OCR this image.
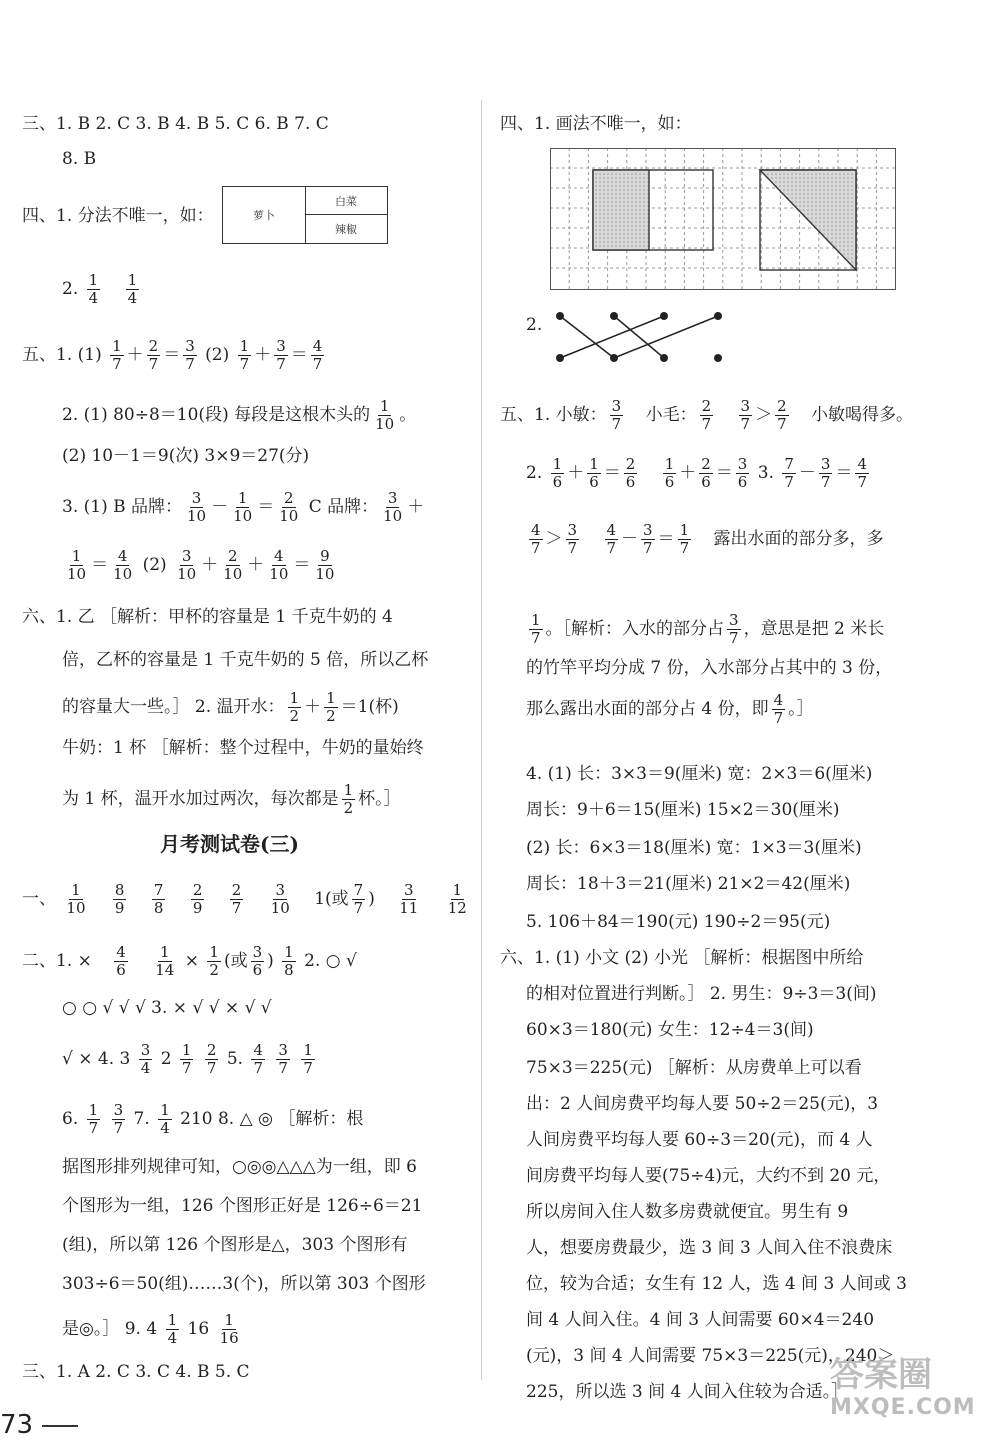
三、1. B 2. C 3. B 4. B 5. C 6. B 7. C
8. B
四、1. 分法不唯一，如：	萝卜
白菜
辣椒
2. $\frac{1}{4}$
$\frac{1}{4}$
五、1. $(1) \frac{1}{7} + \frac{2}{7} = \frac{3}{7} (2) \frac{1}{7} + \frac{3}{7} = \frac{4}{7}$
2. (1) 80÷8＝10(段) 每段是这根木头的 $\frac{1}{10}$ 。
(2) 10－1＝9(次) 3×9＝27(分)
3. (1) B 品牌： $\frac{3}{10} - \frac{1}{10} = \frac{2}{10}$ C 品牌： $\frac{3}{10}$ ＋
$\frac{1}{10} = \frac{4}{10} (2) \frac{3}{10} + \frac{2}{10} + \frac{4}{10} = \frac{9}{10}$
六、1. 乙 ［解析：甲杯的容量是 1 千克牛奶的 4
倍，乙杯的容量是 1 千克牛奶的 5 倍，所以乙杯
的容量大一些。］ 2. 温开水： $\frac{1}{2} + \frac{1}{2} =1$(杯)
牛奶：1 杯 ［解析：整个过程中，牛奶的量始终
为 1 杯，温开水加过两次，每次都是 $\frac{1}{2}$ 杯。］
月考测试卷(三)
一、 $\frac{1}{10}$
$\frac{8}{9}$
$\frac{7}{8}$
$\frac{2}{9}$
$\frac{2}{7}$
$\frac{3}{10} 1$(或 $\frac{7}{7}$ ) $\frac{3}{11}$
$\frac{1}{12}$
二、1. × $\frac{4}{6}$
$\frac{1}{14} \times \frac{1}{2}$ (或 $\frac{3}{6}$ ) $\frac{1}{8} 2$. ○ √
○ ○ √ √ √ 3. × √ √ × √ √
√ × 4. $3 \frac{3}{4} 2 \frac{1}{7}$
$\frac{2}{7} 5$. $\frac{4}{7}$
$\frac{3}{7}$
$\frac{1}{7}$
6. $\frac{1}{7}$
$\frac{3}{7} 7$. $\frac{1}{4} 210$ 8. △ ◎ ［解析：根
据图形排列规律可知，○◎◎△△△为一组，即 6
个图形为一组，126 个图形正好是 126÷6＝21
(组)，所以第 126 个图形是△，303 个图形有
303÷6＝50(组)……3(个)，所以第 303 个图形
是◎。］ 9. $4 \frac{1}{4} 16 \frac{1}{16}$
三、1. A 2. C 3. C 4. B 5. C
四、1. 画法不唯一，如：
2.
五、1. 小敏： $\frac{3}{7}$ 小毛： $\frac{2}{7}$
$\frac{3}{7} > \frac{2}{7}$ 小敏喝得多。
2. $\frac{1}{6} + \frac{1}{6} = \frac{2}{6}$
$\frac{1}{6} + \frac{2}{6} = \frac{3}{6} 3$. $\frac{7}{7} - \frac{3}{7} = \frac{4}{7}$
$\frac{4}{7} > \frac{3}{7}$
$\frac{4}{7} - \frac{3}{7} = \frac{1}{7}$ 露出水面的部分多，多
$\frac{1}{7}$ 。［解析：入水的部分占 $\frac{3}{7}$ ，意思是把 2 米长
的竹竿平均分成 7 份，入水部分占其中的 3 份，
那么露出水面的部分占 4 份，即 $\frac{4}{7}$ 。］
4. (1) 长：3×3＝9(厘米) 宽：2×3＝6(厘米)
周长：9＋6＝15(厘米) 15×2＝30(厘米)
(2) 长：6×3＝18(厘米) 宽：1×3＝3(厘米)
周长：18＋3＝21(厘米) 21×2＝42(厘米)
5. 106＋84＝190(元) 190÷2＝95(元)
六、1. (1) 小文 (2) 小光 ［解析：根据图中所给
的相对位置进行判断。］ 2. 男生：9÷3＝3(间)
60×3＝180(元) 女生：12÷4＝3(间)
75×3＝225(元) ［解析：从房费单上可以看
出：2 人间房费平均每人要 50÷2＝25(元)，3
人间房费平均每人要 60÷3＝20(元)，而 4 人
间房费平均每人要(75÷4)元，大约不到 20 元，
所以房间入住人数多房费就便宜。男生有 9
人，想要房费最少，选 3 间 3 人间入住不浪费床
位，较为合适；女生有 12 人，选 4 间 3 人间或 3
间 4 人间入住。4 间 3 人间需要 60×4＝240
(元)，3 间 4 人间需要 75×3＝225(元)，240＞
225，所以选 3 间 4 人间入住较为合适。］
73
答案圈
MXQE.COM
